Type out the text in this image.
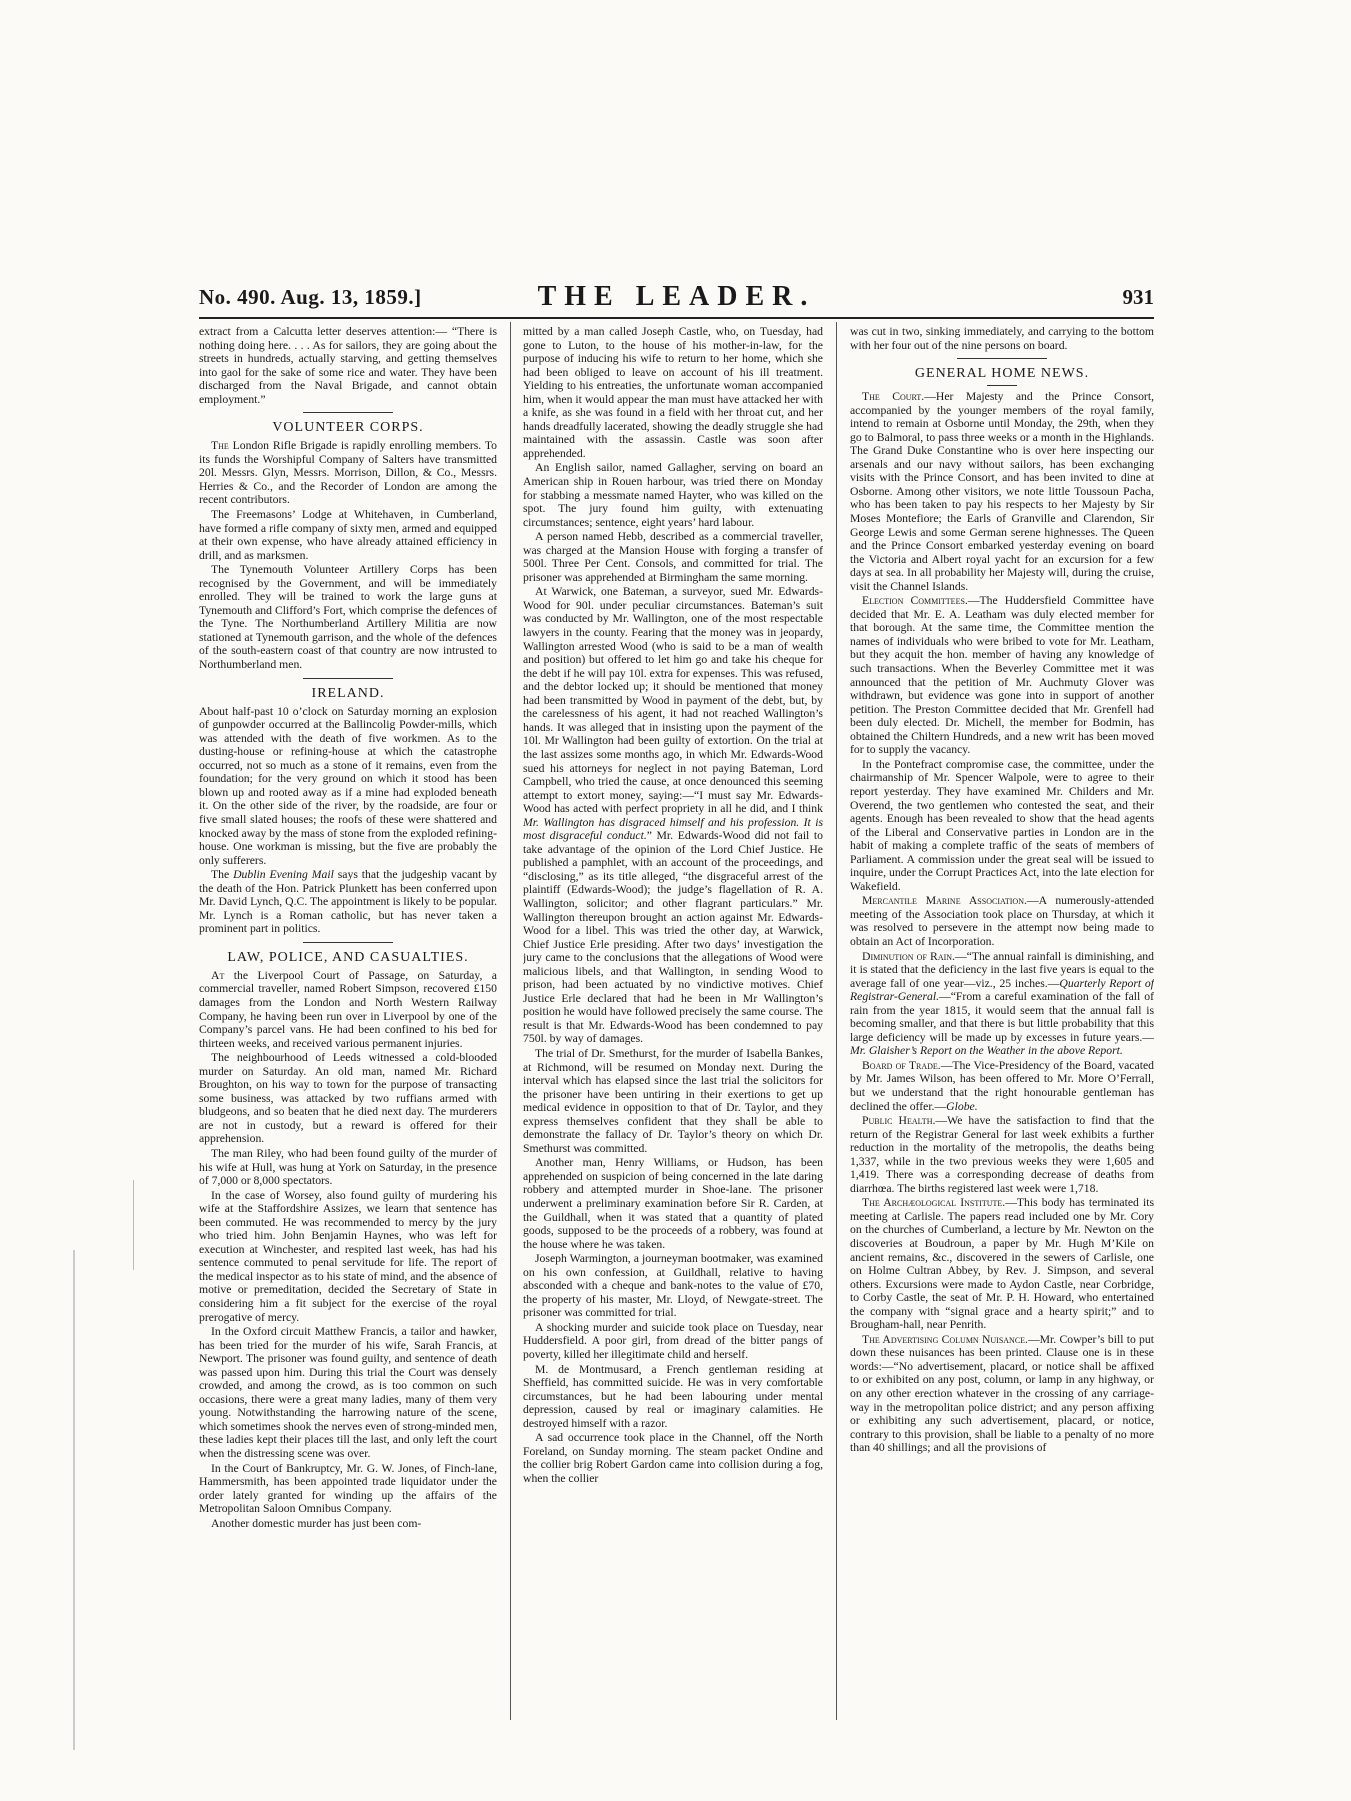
No. 490. Aug. 13, 1859.]	THE LEADER.	931

extract from a Calcutta letter deserves attention:— “There is nothing doing here. . . . As for sailors, they are going about the streets in hundreds, actually starving, and getting themselves into gaol for the sake of some rice and water. They have been discharged from the Naval Brigade, and cannot obtain employment.”

VOLUNTEER CORPS.

The London Rifle Brigade is rapidly enrolling members. To its funds the Worshipful Company of Salters have transmitted 20l. Messrs. Glyn, Messrs. Morrison, Dillon, & Co., Messrs. Herries & Co., and the Recorder of London are among the recent contributors.

The Freemasons’ Lodge at Whitehaven, in Cumberland, have formed a rifle company of sixty men, armed and equipped at their own expense, who have already attained efficiency in drill, and as marksmen.

The Tynemouth Volunteer Artillery Corps has been recognised by the Government, and will be immediately enrolled. They will be trained to work the large guns at Tynemouth and Clifford’s Fort, which comprise the defences of the Tyne. The Northumberland Artillery Militia are now stationed at Tynemouth garrison, and the whole of the defences of the south-eastern coast of that country are now intrusted to Northumberland men.

IRELAND.

About half-past 10 o’clock on Saturday morning an explosion of gunpowder occurred at the Ballincolig Powder-mills, which was attended with the death of five workmen. As to the dusting-house or refining-house at which the catastrophe occurred, not so much as a stone of it remains, even from the foundation; for the very ground on which it stood has been blown up and rooted away as if a mine had exploded beneath it. On the other side of the river, by the roadside, are four or five small slated houses; the roofs of these were shattered and knocked away by the mass of stone from the exploded refining-house. One workman is missing, but the five are probably the only sufferers.

The Dublin Evening Mail says that the judgeship vacant by the death of the Hon. Patrick Plunkett has been conferred upon Mr. David Lynch, Q.C. The appointment is likely to be popular. Mr. Lynch is a Roman catholic, but has never taken a prominent part in politics.

LAW, POLICE, AND CASUALTIES.

At the Liverpool Court of Passage, on Saturday, a commercial traveller, named Robert Simpson, recovered £150 damages from the London and North Western Railway Company, he having been run over in Liverpool by one of the Company’s parcel vans. He had been confined to his bed for thirteen weeks, and received various permanent injuries.

The neighbourhood of Leeds witnessed a cold-blooded murder on Saturday. An old man, named Mr. Richard Broughton, on his way to town for the purpose of transacting some business, was attacked by two ruffians armed with bludgeons, and so beaten that he died next day. The murderers are not in custody, but a reward is offered for their apprehension.

The man Riley, who had been found guilty of the murder of his wife at Hull, was hung at York on Saturday, in the presence of 7,000 or 8,000 spectators.

In the case of Worsey, also found guilty of murdering his wife at the Staffordshire Assizes, we learn that sentence has been commuted. He was recommended to mercy by the jury who tried him. John Benjamin Haynes, who was left for execution at Winchester, and respited last week, has had his sentence commuted to penal servitude for life. The report of the medical inspector as to his state of mind, and the absence of motive or premeditation, decided the Secretary of State in considering him a fit subject for the exercise of the royal prerogative of mercy.

In the Oxford circuit Matthew Francis, a tailor and hawker, has been tried for the murder of his wife, Sarah Francis, at Newport. The prisoner was found guilty, and sentence of death was passed upon him. During this trial the Court was densely crowded, and among the crowd, as is too common on such occasions, there were a great many ladies, many of them very young. Notwithstanding the harrowing nature of the scene, which sometimes shook the nerves even of strong-minded men, these ladies kept their places till the last, and only left the court when the distressing scene was over.

In the Court of Bankruptcy, Mr. G. W. Jones, of Finch-lane, Hammersmith, has been appointed trade liquidator under the order lately granted for winding up the affairs of the Metropolitan Saloon Omnibus Company.

Another domestic murder has just been com-

mitted by a man called Joseph Castle, who, on Tuesday, had gone to Luton, to the house of his mother-in-law, for the purpose of inducing his wife to return to her home, which she had been obliged to leave on account of his ill treatment. Yielding to his entreaties, the unfortunate woman accompanied him, when it would appear the man must have attacked her with a knife, as she was found in a field with her throat cut, and her hands dreadfully lacerated, showing the deadly struggle she had maintained with the assassin. Castle was soon after apprehended.

An English sailor, named Gallagher, serving on board an American ship in Rouen harbour, was tried there on Monday for stabbing a messmate named Hayter, who was killed on the spot. The jury found him guilty, with extenuating circumstances; sentence, eight years’ hard labour.

A person named Hebb, described as a commercial traveller, was charged at the Mansion House with forging a transfer of 500l. Three Per Cent. Consols, and committed for trial. The prisoner was apprehended at Birmingham the same morning.

At Warwick, one Bateman, a surveyor, sued Mr. Edwards-Wood for 90l. under peculiar circumstances. Bateman’s suit was conducted by Mr. Wallington, one of the most respectable lawyers in the county. Fearing that the money was in jeopardy, Wallington arrested Wood (who is said to be a man of wealth and position) but offered to let him go and take his cheque for the debt if he will pay 10l. extra for expenses. This was refused, and the debtor locked up; it should be mentioned that money had been transmitted by Wood in payment of the debt, but, by the carelessness of his agent, it had not reached Wallington’s hands. It was alleged that in insisting upon the payment of the 10l. Mr Wallington had been guilty of extortion. On the trial at the last assizes some months ago, in which Mr. Edwards-Wood sued his attorneys for neglect in not paying Bateman, Lord Campbell, who tried the cause, at once denounced this seeming attempt to extort money, saying:—“I must say Mr. Edwards-Wood has acted with perfect propriety in all he did, and I think Mr. Wallington has disgraced himself and his profession. It is most disgraceful conduct.” Mr. Edwards-Wood did not fail to take advantage of the opinion of the Lord Chief Justice. He published a pamphlet, with an account of the proceedings, and “disclosing,” as its title alleged, “the disgraceful arrest of the plaintiff (Edwards-Wood); the judge’s flagellation of R. A. Wallington, solicitor; and other flagrant particulars.” Mr. Wallington thereupon brought an action against Mr. Edwards-Wood for a libel. This was tried the other day, at Warwick, Chief Justice Erle presiding. After two days’ investigation the jury came to the conclusions that the allegations of Wood were malicious libels, and that Wallington, in sending Wood to prison, had been actuated by no vindictive motives. Chief Justice Erle declared that had he been in Mr Wallington’s position he would have followed precisely the same course. The result is that Mr. Edwards-Wood has been condemned to pay 750l. by way of damages.

The trial of Dr. Smethurst, for the murder of Isabella Bankes, at Richmond, will be resumed on Monday next. During the interval which has elapsed since the last trial the solicitors for the prisoner have been untiring in their exertions to get up medical evidence in opposition to that of Dr. Taylor, and they express themselves confident that they shall be able to demonstrate the fallacy of Dr. Taylor’s theory on which Dr. Smethurst was committed.

Another man, Henry Williams, or Hudson, has been apprehended on suspicion of being concerned in the late daring robbery and attempted murder in Shoe-lane. The prisoner underwent a preliminary examination before Sir R. Carden, at the Guildhall, when it was stated that a quantity of plated goods, supposed to be the proceeds of a robbery, was found at the house where he was taken.

Joseph Warmington, a journeyman bootmaker, was examined on his own confession, at Guildhall, relative to having absconded with a cheque and bank-notes to the value of £70, the property of his master, Mr. Lloyd, of Newgate-street. The prisoner was committed for trial.

A shocking murder and suicide took place on Tuesday, near Huddersfield. A poor girl, from dread of the bitter pangs of poverty, killed her illegitimate child and herself.

M. de Montmusard, a French gentleman residing at Sheffield, has committed suicide. He was in very comfortable circumstances, but he had been labouring under mental depression, caused by real or imaginary calamities. He destroyed himself with a razor.

A sad occurrence took place in the Channel, off the North Foreland, on Sunday morning. The steam packet Ondine and the collier brig Robert Gardon came into collision during a fog, when the collier

was cut in two, sinking immediately, and carrying to the bottom with her four out of the nine persons on board.

GENERAL HOME NEWS.

The Court.—Her Majesty and the Prince Consort, accompanied by the younger members of the royal family, intend to remain at Osborne until Monday, the 29th, when they go to Balmoral, to pass three weeks or a month in the Highlands. The Grand Duke Constantine who is over here inspecting our arsenals and our navy without sailors, has been exchanging visits with the Prince Consort, and has been invited to dine at Osborne. Among other visitors, we note little Toussoun Pacha, who has been taken to pay his respects to her Majesty by Sir Moses Montefiore; the Earls of Granville and Clarendon, Sir George Lewis and some German serene highnesses. The Queen and the Prince Consort embarked yesterday evening on board the Victoria and Albert royal yacht for an excursion for a few days at sea. In all probability her Majesty will, during the cruise, visit the Channel Islands.

Election Committees.—The Huddersfield Committee have decided that Mr. E. A. Leatham was duly elected member for that borough. At the same time, the Committee mention the names of individuals who were bribed to vote for Mr. Leatham, but they acquit the hon. member of having any knowledge of such transactions. When the Beverley Committee met it was announced that the petition of Mr. Auchmuty Glover was withdrawn, but evidence was gone into in support of another petition. The Preston Committee decided that Mr. Grenfell had been duly elected. Dr. Michell, the member for Bodmin, has obtained the Chiltern Hundreds, and a new writ has been moved for to supply the vacancy.

In the Pontefract compromise case, the committee, under the chairmanship of Mr. Spencer Walpole, were to agree to their report yesterday. They have examined Mr. Childers and Mr. Overend, the two gentlemen who contested the seat, and their agents. Enough has been revealed to show that the head agents of the Liberal and Conservative parties in London are in the habit of making a complete traffic of the seats of members of Parliament. A commission under the great seal will be issued to inquire, under the Corrupt Practices Act, into the late election for Wakefield.

Mercantile Marine Association.—A numerously-attended meeting of the Association took place on Thursday, at which it was resolved to persevere in the attempt now being made to obtain an Act of Incorporation.

Diminution of Rain.—“The annual rainfall is diminishing, and it is stated that the deficiency in the last five years is equal to the average fall of one year—viz., 25 inches.—Quarterly Report of Registrar-General.—“From a careful examination of the fall of rain from the year 1815, it would seem that the annual fall is becoming smaller, and that there is but little probability that this large deficiency will be made up by excesses in future years.—Mr. Glaisher’s Report on the Weather in the above Report.

Board of Trade.—The Vice-Presidency of the Board, vacated by Mr. James Wilson, has been offered to Mr. More O’Ferrall, but we understand that the right honourable gentleman has declined the offer.—Globe.

Public Health.—We have the satisfaction to find that the return of the Registrar General for last week exhibits a further reduction in the mortality of the metropolis, the deaths being 1,337, while in the two previous weeks they were 1,605 and 1,419. There was a corresponding decrease of deaths from diarrhœa. The births registered last week were 1,718.

The Archæological Institute.—This body has terminated its meeting at Carlisle. The papers read included one by Mr. Cory on the churches of Cumberland, a lecture by Mr. Newton on the discoveries at Boudroun, a paper by Mr. Hugh M’Kile on ancient remains, &c., discovered in the sewers of Carlisle, one on Holme Cultran Abbey, by Rev. J. Simpson, and several others. Excursions were made to Aydon Castle, near Corbridge, to Corby Castle, the seat of Mr. P. H. Howard, who entertained the company with “signal grace and a hearty spirit;” and to Brougham-hall, near Penrith.

The Advertising Column Nuisance.—Mr. Cowper’s bill to put down these nuisances has been printed. Clause one is in these words:—“No advertisement, placard, or notice shall be affixed to or exhibited on any post, column, or lamp in any highway, or on any other erection whatever in the crossing of any carriage-way in the metropolitan police district; and any person affixing or exhibiting any such advertisement, placard, or notice, contrary to this provision, shall be liable to a penalty of no more than 40 shillings; and all the provisions of
